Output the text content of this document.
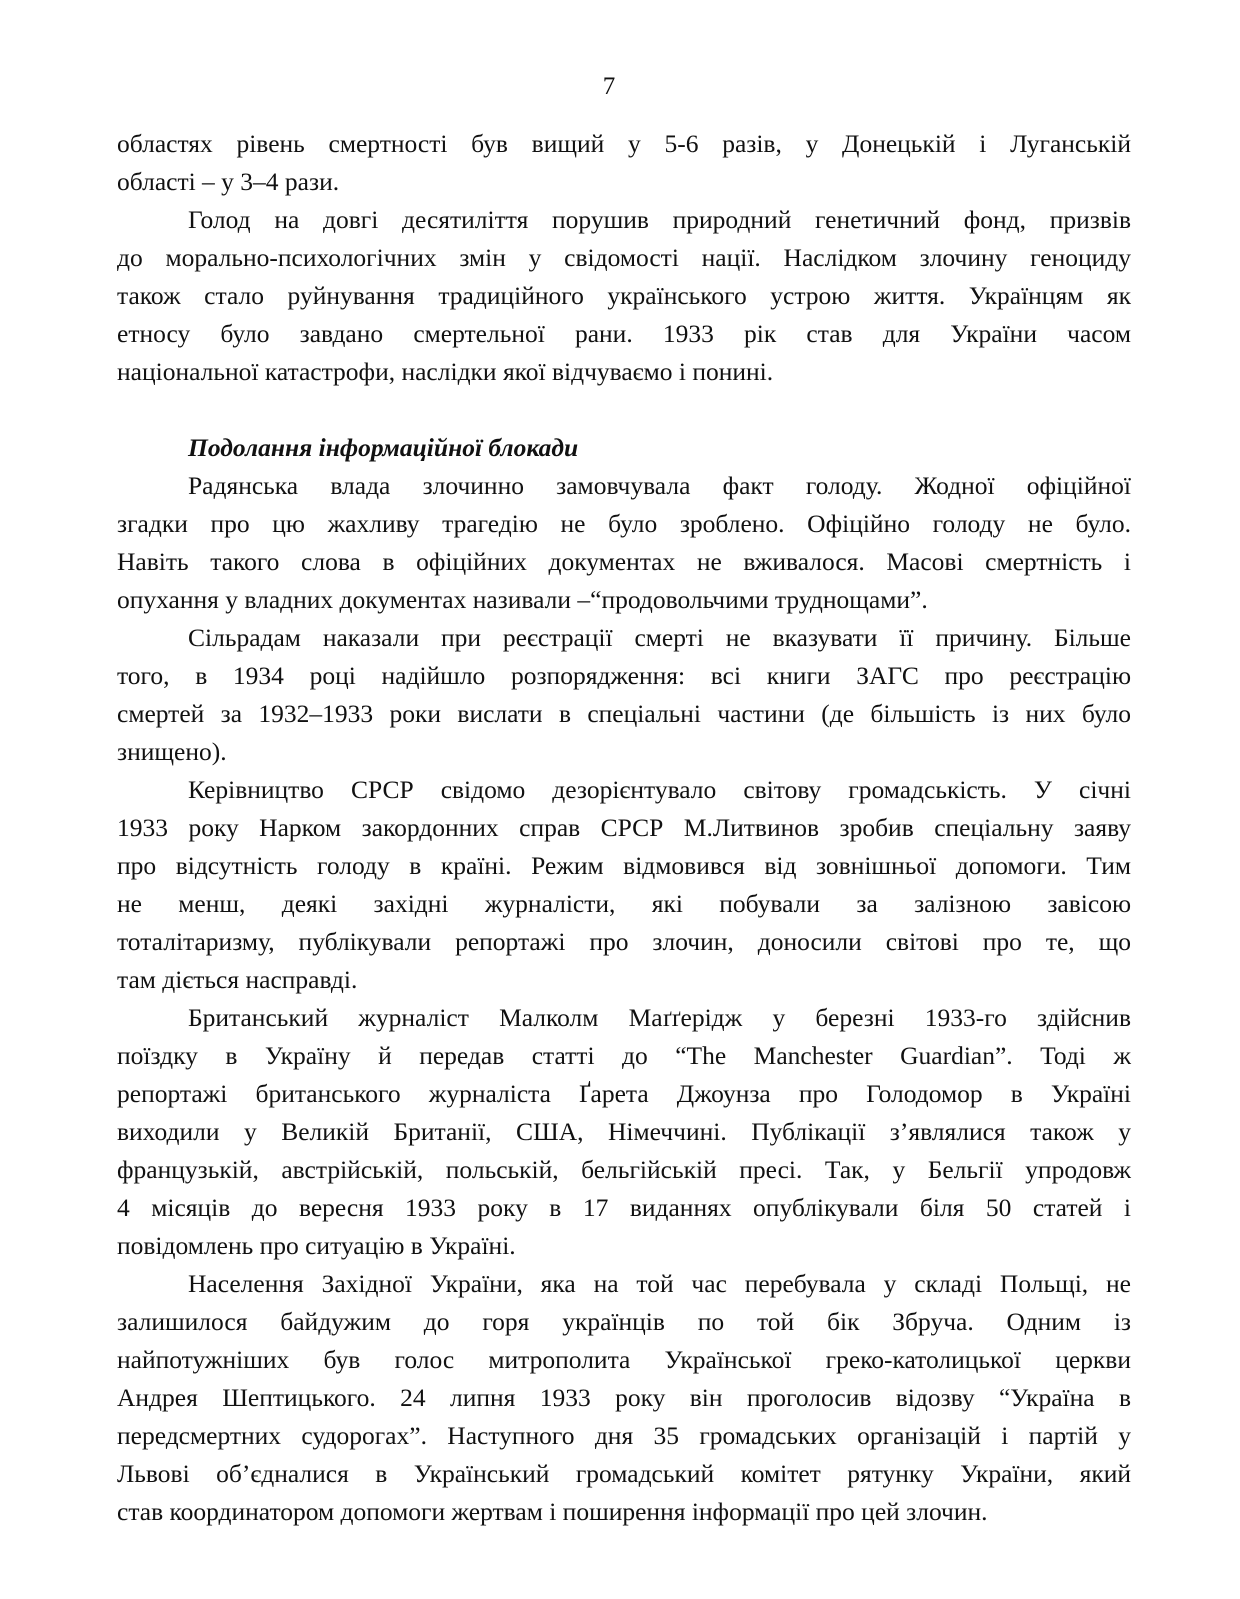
7
областях рівень смертності був вищий у 5-6 разів, у Донецькій і Луганській
області – у 3–4 рази.
Голод на довгі десятиліття порушив природний генетичний фонд, призвів
до морально-психологічних змін у свідомості нації. Наслідком злочину геноциду
також стало руйнування традиційного українського устрою життя. Українцям як
етносу було завдано смертельної рани. 1933 рік став для України часом
національної катастрофи, наслідки якої відчуваємо і понині.
Подолання інформаційної блокади
Радянська влада злочинно замовчувала факт голоду. Жодної офіційної
згадки про цю жахливу трагедію не було зроблено. Офіційно голоду не було.
Навіть такого слова в офіційних документах не вживалося. Масові смертність і
опухання у владних документах називали –“продовольчими труднощами”.
Сільрадам наказали при реєстрації смерті не вказувати її причину. Більше
того, в 1934 році надійшло розпорядження: всі книги ЗАГС про реєстрацію
смертей за 1932–1933 роки вислати в спеціальні частини (де більшість із них було
знищено).
Керівництво СРСР свідомо дезорієнтувало світову громадськість. У січні
1933 року Нарком закордонних справ СРСР М.Литвинов зробив спеціальну заяву
про відсутність голоду в країні. Режим відмовився від зовнішньої допомоги. Тим
не менш, деякі західні журналісти, які побували за залізною завісою
тоталітаризму, публікували репортажі про злочин, доносили світові про те, що
там діється насправді.
Британський журналіст Малколм Маґґерідж у березні 1933-го здійснив
поїздку в Україну й передав статті до “The Manchester Guardian”. Тоді ж
репортажі британського журналіста Ґарета Джоунза про Голодомор в Україні
виходили у Великій Британії, США, Німеччині. Публікації з’являлися також у
французькій, австрійській, польській, бельгійській пресі. Так, у Бельгії упродовж
4 місяців до вересня 1933 року в 17 виданнях опублікували біля 50 статей і
повідомлень про ситуацію в Україні.
Населення Західної України, яка на той час перебувала у складі Польщі, не
залишилося байдужим до горя українців по той бік Збруча. Одним із
найпотужніших був голос митрополита Української греко-католицької церкви
Андрея Шептицького. 24 липня 1933 року він проголосив відозву “Україна в
передсмертних судорогах”. Наступного дня 35 громадських організацій і партій у
Львові об’єдналися в Український громадський комітет рятунку України, який
став координатором допомоги жертвам і поширення інформації про цей злочин.
